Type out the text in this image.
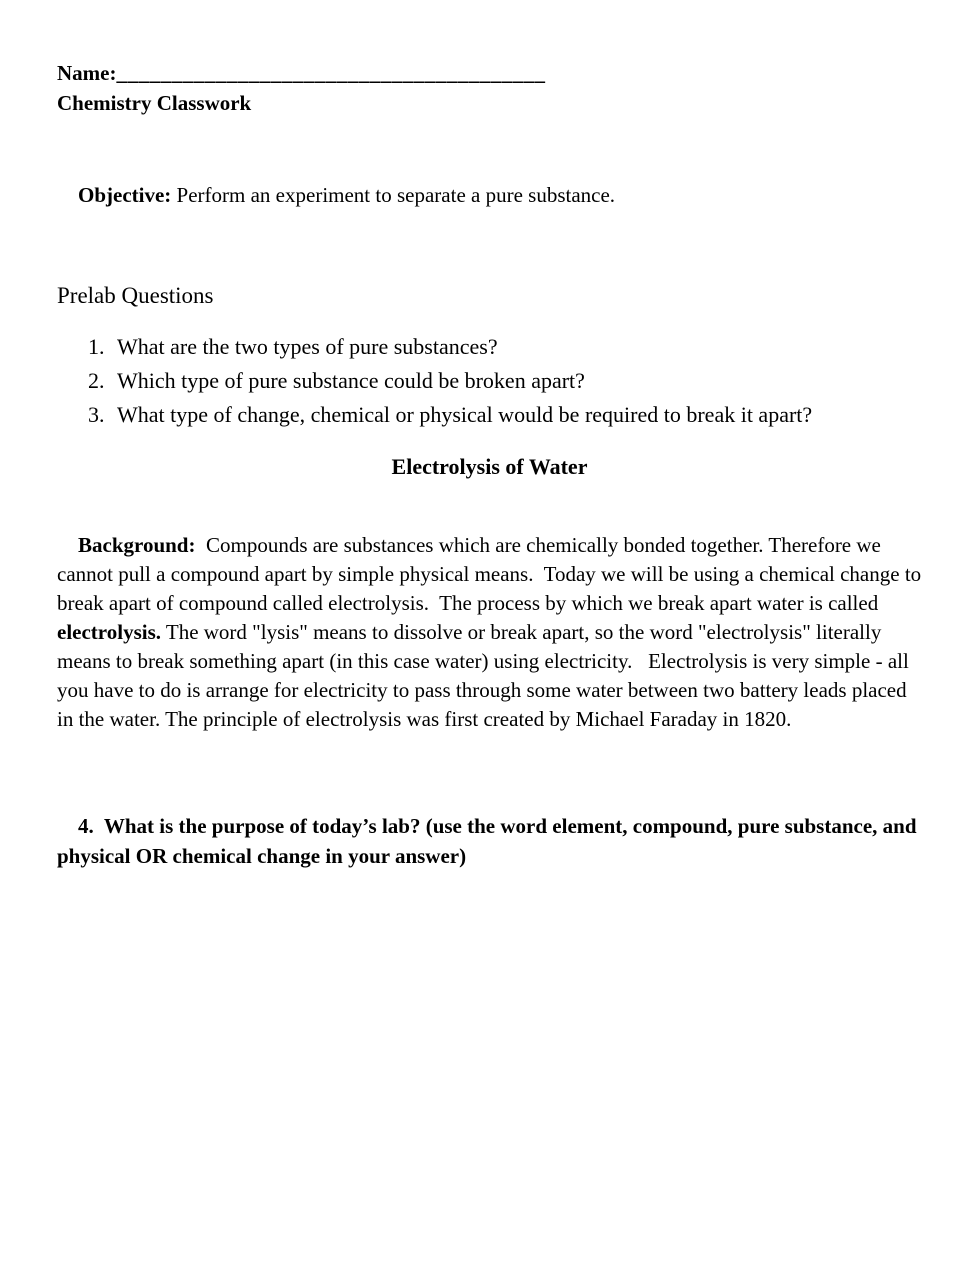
Name:_______________________________________
Chemistry Classwork

Objective: Perform an experiment to separate a pure substance.

Prelab Questions
1. What are the two types of pure substances?
2. Which type of pure substance could be broken apart?
3. What type of change, chemical or physical would be required to break it apart?
Electrolysis of Water

Background:  Compounds are substances which are chemically bonded together. Therefore we cannot pull a compound apart by simple physical means.  Today we will be using a chemical change to break apart of compound called electrolysis.  The process by which we break apart water is called electrolysis. The word "lysis" means to dissolve or break apart, so the word "electrolysis" literally means to break something apart (in this case water) using electricity.   Electrolysis is very simple - all you have to do is arrange for electricity to pass through some water between two battery leads placed in the water. The principle of electrolysis was first created by Michael Faraday in 1820.

4.  What is the purpose of today’s lab? (use the word element, compound, pure substance, and physical OR chemical change in your answer)
